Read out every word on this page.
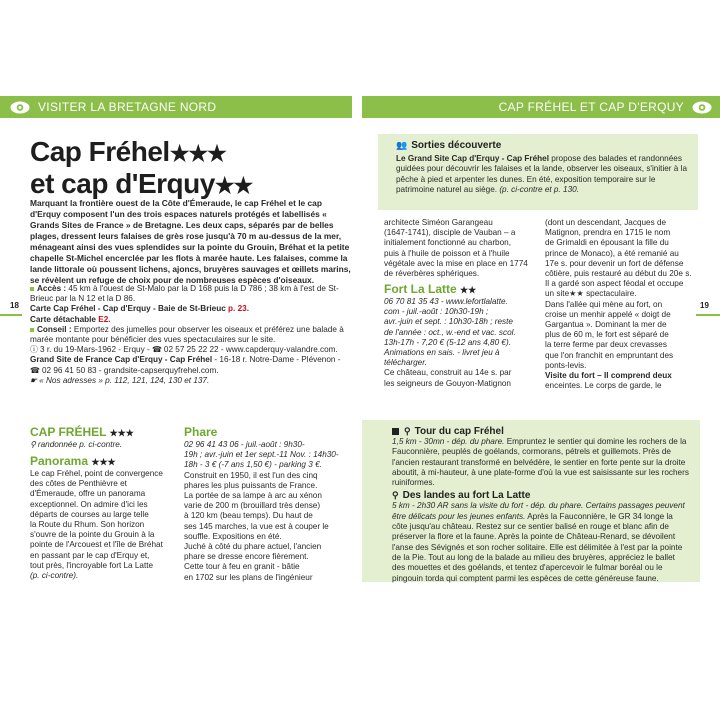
VISITER LA BRETAGNE NORD	CAP FRÉHEL ET CAP D'ERQUY
18	19
Cap Fréhel★★★
et cap d'Erquy★★
Marquant la frontière ouest de la Côte d'Émeraude, le cap Fréhel et le cap d'Erquy composent l'un des trois espaces naturels protégés et labellisés « Grands Sites de France » de Bretagne. Les deux caps, séparés par de belles plages, dressent leurs falaises de grès rose jusqu'à 70 m au-dessus de la mer, ménageant ainsi des vues splendides sur la pointe du Grouin, Bréhat et la petite chapelle St-Michel encerclée par les flots à marée haute. Les falaises, comme la lande littorale où poussent lichens, ajoncs, bruyères sauvages et œillets marins, se révèlent un refuge de choix pour de nombreuses espèces d'oiseaux.
Accès : 45 km à l'ouest de St-Malo par la D 168 puis la D 786 ; 38 km à l'est de St-Brieuc par la N 12 et la D 86.
Carte Cap Fréhel - Cap d'Erquy - Baie de St-Brieuc p. 23.
Carte détachable E2.
Conseil : Emportez des jumelles pour observer les oiseaux et préférez une balade à marée montante pour bénéficier des vues spectaculaires sur le site.
ⓘ 3 r. du 19-Mars-1962 - Erquy - ☎ 02 57 25 22 22 - www.capderquy-valandre.com.
Grand Site de France Cap d'Erquy - Cap Fréhel - 16-18 r. Notre-Dame - Plévenon -
☎ 02 96 41 50 83 - grandsite-capserquyfrehel.com.
☛ « Nos adresses » p. 112, 121, 124, 130 et 137.
CAP FRÉHEL ★★★
⚲ randonnée p. ci-contre.
Panorama ★★★

Le cap Fréhel, point de convergence

des côtes de Penthièvre et

d'Émeraude, offre un panorama

exceptionnel. On admire d'ici les

départs de courses au large telle

la Route du Rhum. Son horizon

s'ouvre de la pointe du Grouin à la

pointe de l'Arcouest et l'île de Bréhat

en passant par le cap d'Erquy et,

tout près, l'incroyable fort La Latte

(p. ci-contre).

Phare

02 96 41 43 06 - juil.-août : 9h30-

19h ; avr.-juin et 1er sept.-11 Nov. : 14h30-

18h - 3 € (-7 ans 1,50 €) - parking 3 €.

Construit en 1950, il est l'un des cinq

phares les plus puissants de France.

La portée de sa lampe à arc au xénon

varie de 200 m (brouillard très dense)

à 120 km (beau temps). Du haut de

ses 145 marches, la vue est à couper le

souffle. Expositions en été.

Juché à côté du phare actuel, l'ancien

phare se dresse encore fièrement.

Cette tour à feu en granit - bâtie

en 1702 sur les plans de l'ingénieur

👥 Sorties découverte
Le Grand Site Cap d'Erquy - Cap Fréhel propose des balades et randonnées guidées pour découvrir les falaises et la lande, observer les oiseaux, s'initier à la pêche à pied et arpenter les dunes. En été, exposition temporaire sur le patrimoine naturel au siège. (p. ci-contre et p. 130.

architecte Siméon Garangeau

(1647-1741), disciple de Vauban – a

initialement fonctionné au charbon,

puis à l'huile de poisson et à l'huile

végétale avec la mise en place en 1774

de réverbères sphériques.

Fort La Latte ★★

06 70 81 35 43 - www.lefortlalatte.

com - juil.-août : 10h30-19h ;

avr.-juin et sept. : 10h30-18h ; reste

de l'année : oct., w.-end et vac. scol.

13h-17h - 7,20 € (5-12 ans 4,80 €).

Animations en sais. - livret jeu à

télécharger.

Ce château, construit au 14e s. par

les seigneurs de Gouyon-Matignon

(dont un descendant, Jacques de

Matignon, prendra en 1715 le nom

de Grimaldi en épousant la fille du

prince de Monaco), a été remanié au

17e s. pour devenir un fort de défense

côtière, puis restauré au début du 20e s.

Il a gardé son aspect féodal et occupe

un site★★ spectaculaire.

Dans l'allée qui mène au fort, on

croise un menhir appelé « doigt de

Gargantua ». Dominant la mer de

plus de 60 m, le fort est séparé de

la terre ferme par deux crevasses

que l'on franchit en empruntant des

ponts-levis.

Visite du fort – Il comprend deux

enceintes. Le corps de garde, le

⚲ Tour du cap Fréhel
1,5 km - 30mn - dép. du phare. Empruntez le sentier qui domine les rochers de la Fauconnière, peuplés de goélands, cormorans, pétrels et guillemots. Près de l'ancien restaurant transformé en belvédère, le sentier en forte pente sur la droite aboutit, à mi-hauteur, à une plate-forme d'où la vue est saisissante sur les rochers ruiniformes.
⚲ Des landes au fort La Latte
5 km - 2h30 AR sans la visite du fort - dép. du phare. Certains passages peuvent être délicats pour les jeunes enfants. Après la Fauconnière, le GR 34 longe la côte jusqu'au château. Restez sur ce sentier balisé en rouge et blanc afin de préserver la flore et la faune. Après la pointe de Château-Renard, se dévoilent l'anse des Sévignés et son rocher solitaire. Elle est délimitée à l'est par la pointe de la Pie. Tout au long de la balade au milieu des bruyères, appréciez le ballet des mouettes et des goélands, et tentez d'apercevoir le fulmar boréal ou le pingouin torda qui comptent parmi les espèces de cette généreuse faune.
